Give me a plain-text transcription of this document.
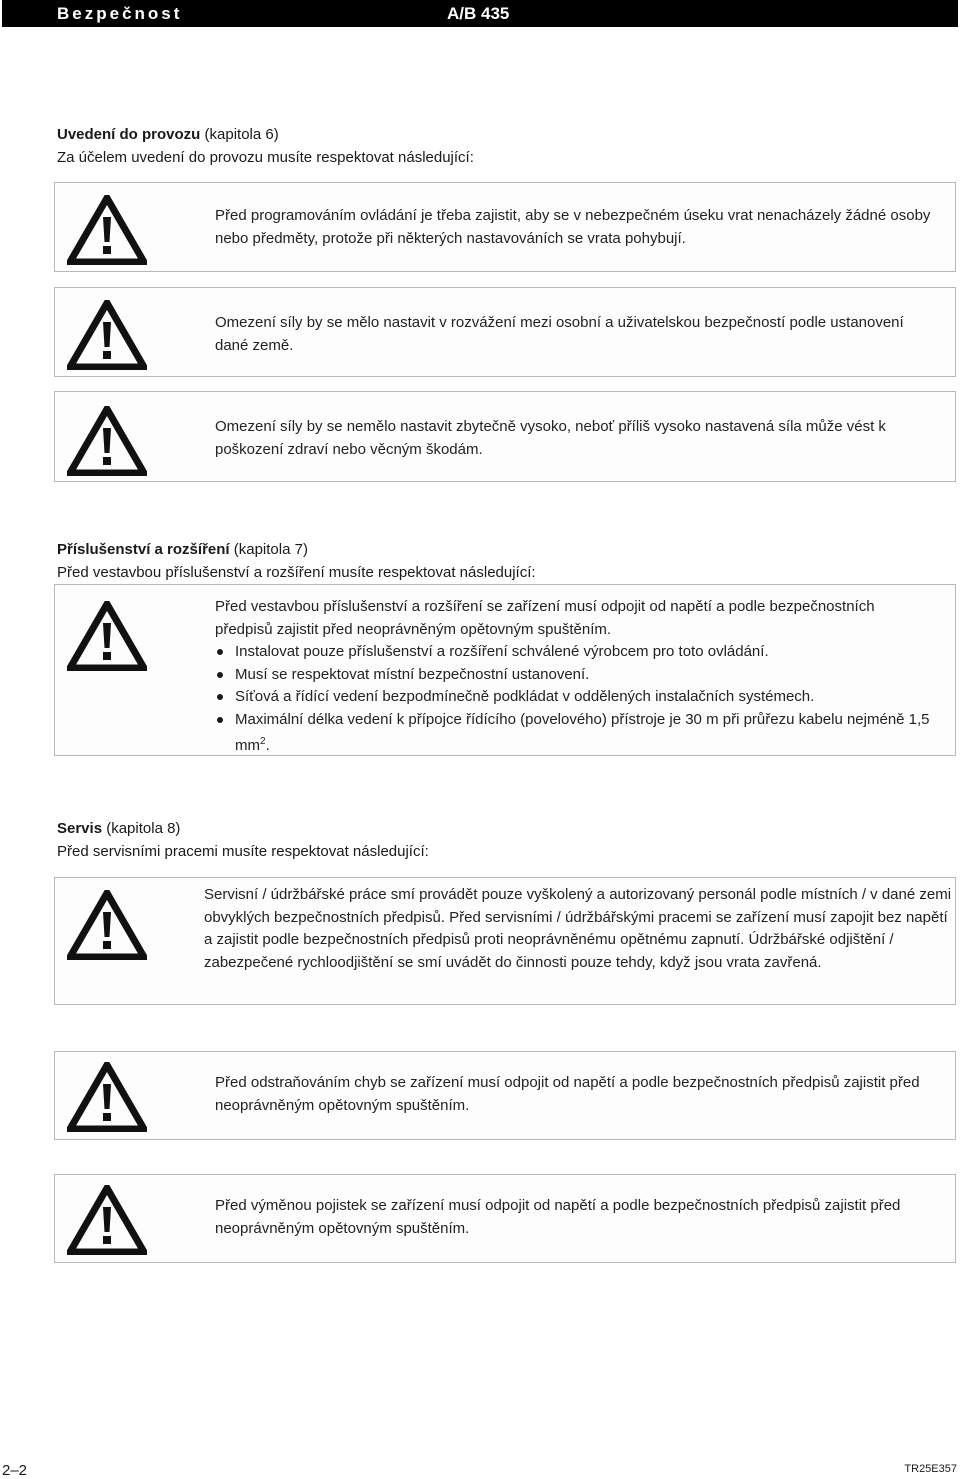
Bezpečnost	A/B 435
Uvedení do provozu (kapitola 6)
Za účelem uvedení do provozu musíte respektovat následující:
Před programováním ovládání je třeba zajistit, aby se v nebezpečném úseku vrat nenacházely žádné osoby nebo předměty, protože při některých nastavováních se vrata pohybují.
Omezení síly by se mělo nastavit v rozvážení mezi osobní a uživatelskou bezpečností podle ustanovení dané země.
Omezení síly by se nemělo nastavit zbytečně vysoko, neboť příliš vysoko nastavená síla může vést k poškození zdraví nebo věcným škodám.
Příslušenství a rozšíření (kapitola 7)
Před vestavbou příslušenství a rozšíření musíte respektovat následující:

Před vestavbou příslušenství a rozšíření se zařízení musí odpojit od napětí a podle bezpečnostních předpisů zajistit před neoprávněným opětovným spuštěním.

Instalovat pouze příslušenství a rozšíření schválené výrobcem pro toto ovládání.
Musí se respektovat místní bezpečnostní ustanovení.
Síťová a řídící vedení bezpodmínečně podkládat v oddělených instalačních systémech.
Maximální délka vedení k přípojce řídícího (povelového) přístroje je 30 m při průřezu kabelu nejméně 1,5 $mm^2$.
Servis (kapitola 8)
Před servisními pracemi musíte respektovat následující:
Servisní / údržbářské práce smí provádět pouze vyškolený a autorizovaný personál podle místních / v dané zemi obvyklých bezpečnostních předpisů. Před servisními / údržbářskými pracemi se zařízení musí zapojit bez napětí a zajistit podle bezpečnostních předpisů proti neoprávněnému opětnému zapnutí. Údržbářské odjištění / zabezpečené rychloodjištění se smí uvádět do činnosti pouze tehdy, když jsou vrata zavřená.
Před odstraňováním chyb se zařízení musí odpojit od napětí a podle bezpečnostních předpisů zajistit před neoprávněným opětovným spuštěním.
Před výměnou pojistek se zařízení musí odpojit od napětí a podle bezpečnostních předpisů zajistit před neoprávněným opětovným spuštěním.
2–2	TR25E357
